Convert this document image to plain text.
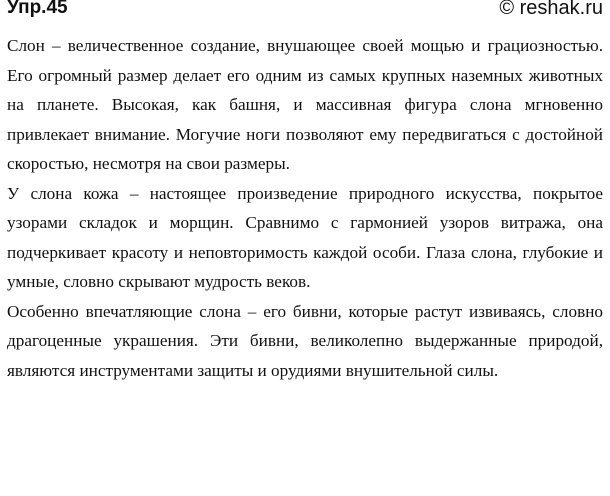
Упр.45	© reshak.ru

Слон – величественное создание, внушающее своей мощью и грациозностью. Его огромный размер делает его одним из самых крупных наземных животных на планете. Высокая, как башня, и массивная фигура слона мгновенно привлекает внимание. Могучие ноги позволяют ему передвигаться с достойной скоростью, несмотря на свои размеры.

У слона кожа – настоящее произведение природного искусства, покрытое узорами складок и морщин. Сравнимо с гармонией узоров витража, она подчеркивает красоту и неповторимость каждой особи. Глаза слона, глубокие и умные, словно скрывают мудрость веков.

Особенно впечатляющие слона – его бивни, которые растут извиваясь, словно драгоценные украшения. Эти бивни, великолепно выдержанные природой, являются инструментами защиты и орудиями внушительной силы.
